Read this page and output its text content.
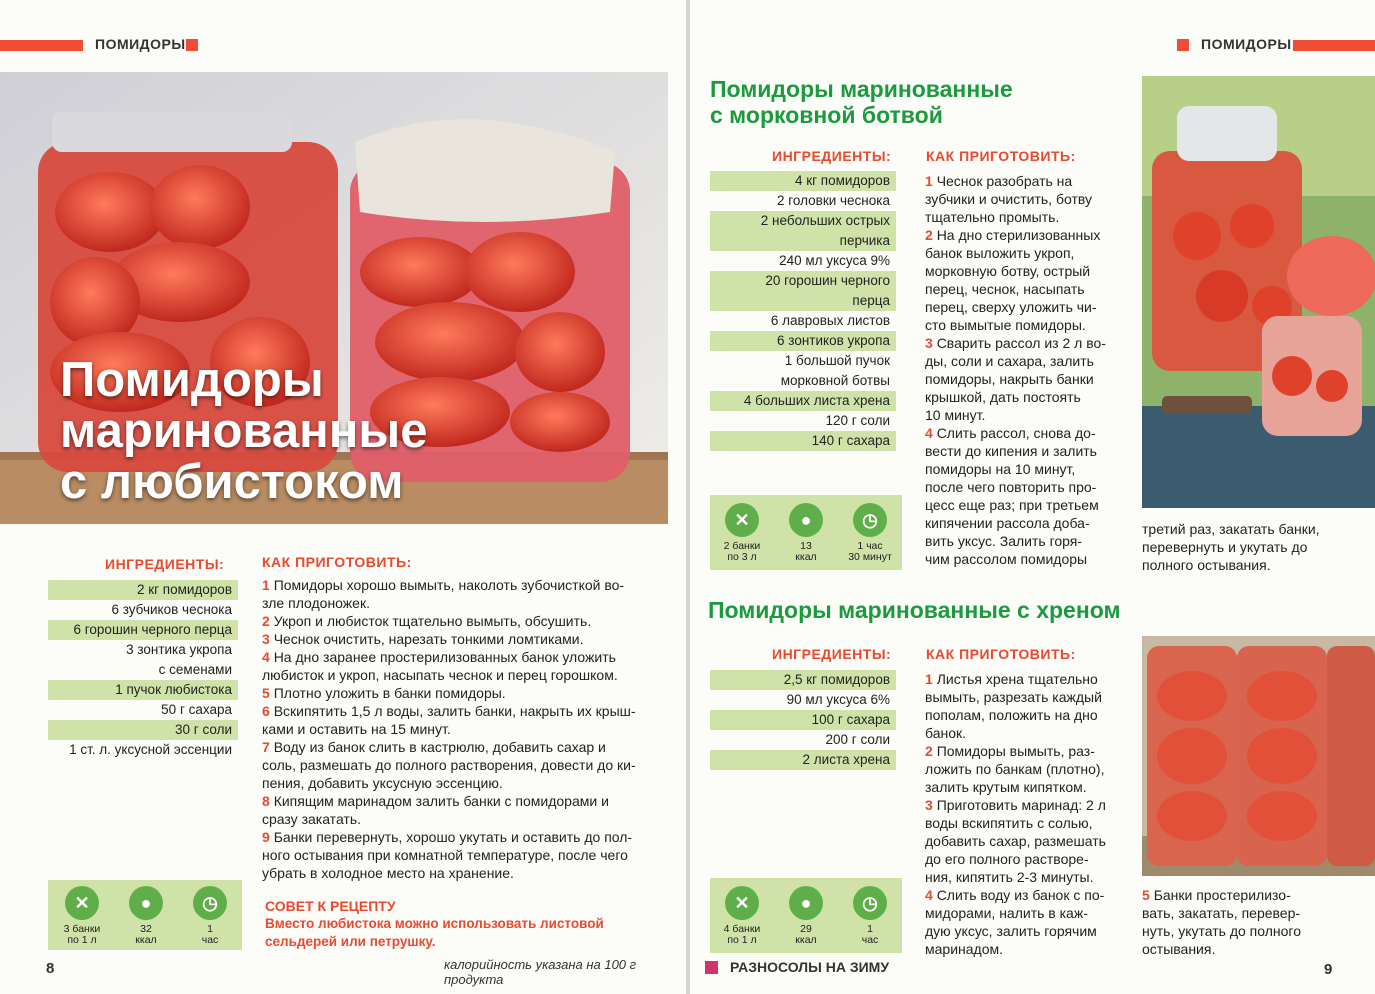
ПОМИДОРЫ
Помидоры
маринованные
с любистоком
ИНГРЕДИЕНТЫ:
2 кг помидоров
6 зубчиков чеснока
6 горошин черного перца
3 зонтика укропа
с семенами
1 пучок любистока
50 г сахара
30 г соли
1 ст. л. уксусной эссенции
КАК ПРИГОТОВИТЬ:

1 Помидоры хорошо вымыть, наколоть зубочисткой во-

зле плодоножек.

2 Укроп и любисток тщательно вымыть, обсушить.

3 Чеснок очистить, нарезать тонкими ломтиками.

4 На дно заранее простерилизованных банок уложить

любисток и укроп, насыпать чеснок и перец горошком.

5 Плотно уложить в банки помидоры.

6 Вскипятить 1,5 л воды, залить банки, накрыть их крыш-

ками и оставить на 15 минут.

7 Воду из банок слить в кастрюлю, добавить сахар и

соль, размешать до полного растворения, довести до ки-

пения, добавить уксусную эссенцию.

8 Кипящим маринадом залить банки с помидорами и

сразу закатать.

9 Банки перевернуть, хорошо укутать и оставить до пол-

ного остывания при комнатной температуре, после чего

убрать в холодное место на хранение.

✕
3 банки
по 1 л
●
32
ккал
◷
1
час
СОВЕТ К РЕЦЕПТУ
Вместо любистока можно использовать листовой
сельдерей или петрушку.
8	калорийность указана на 100 г продукта
ПОМИДОРЫ
Помидоры маринованные
с морковной ботвой
ИНГРЕДИЕНТЫ:
4 кг помидоров
2 головки чеснока
2 небольших острых
перчика
240 мл уксуса 9%
20 горошин черного
перца
6 лавровых листов
6 зонтиков укропа
1 большой пучок
морковной ботвы
4 больших листа хрена
120 г соли
140 г сахара
✕
2 банки
по 3 л
●
13
ккал
◷
1 час
30 минут
КАК ПРИГОТОВИТЬ:

1 Чеснок разобрать на

зубчики и очистить, ботву

тщательно промыть.

2 На дно стерилизованных

банок выложить укроп,

морковную ботву, острый

перец, чеснок, насыпать

перец, сверху уложить чи-

сто вымытые помидоры.

3 Сварить рассол из 2 л во-

ды, соли и сахара, залить

помидоры, накрыть банки

крышкой, дать постоять

10 минут.

4 Слить рассол, снова до-

вести до кипения и залить

помидоры на 10 минут,

после чего повторить про-

цесс еще раз; при третьем

кипячении рассола доба-

вить уксус. Залить горя-

чим рассолом помидоры

третий раз, закатать банки,
перевернуть и укутать до
полного остывания.
Помидоры маринованные с хреном
ИНГРЕДИЕНТЫ:
2,5 кг помидоров
90 мл уксуса 6%
100 г сахара
200 г соли
2 листа хрена
✕
4 банки
по 1 л
●
29
ккал
◷
1
час
КАК ПРИГОТОВИТЬ:

1 Листья хрена тщательно

вымыть, разрезать каждый

пополам, положить на дно

банок.

2 Помидоры вымыть, раз-

ложить по банкам (плотно),

залить крутым кипятком.

3 Приготовить маринад: 2 л

воды вскипятить с солью,

добавить сахар, размешать

до его полного растворе-

ния, кипятить 2-3 минуты.

4 Слить воду из банок с по-

мидорами, налить в каж-

дую уксус, залить горячим

маринадом.

5 Банки простерилизо-
вать, закатать, перевер-
нуть, укутать до полного
остывания.
РАЗНОСОЛЫ НА ЗИМУ	9
